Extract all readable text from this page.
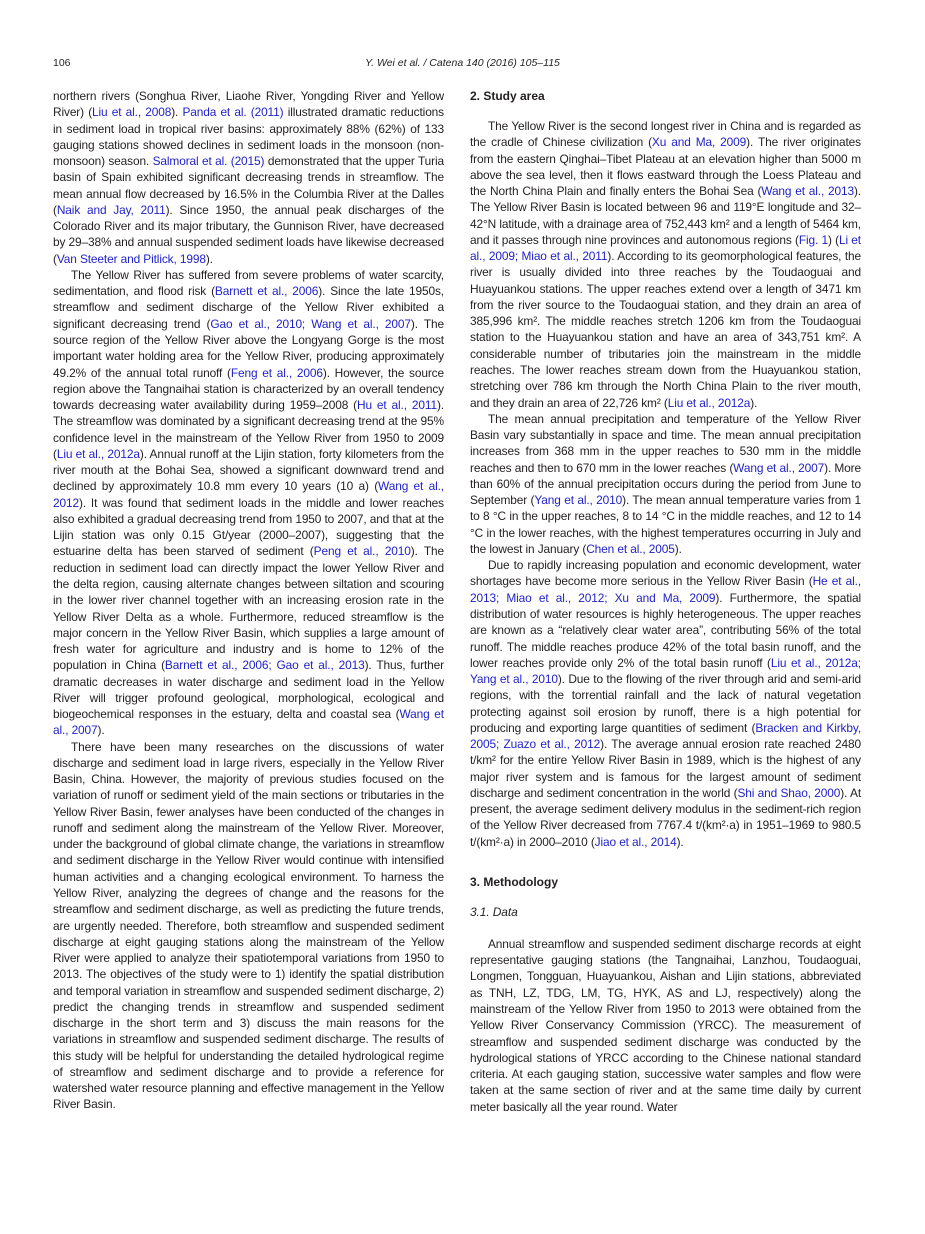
106	Y. Wei et al. / Catena 140 (2016) 105–115

northern rivers (Songhua River, Liaohe River, Yongding River and Yellow River) (Liu et al., 2008). Panda et al. (2011) illustrated dramatic reductions in sediment load in tropical river basins: approximately 88% (62%) of 133 gauging stations showed declines in sediment loads in the monsoon (non-monsoon) season. Salmoral et al. (2015) demonstrated that the upper Turia basin of Spain exhibited significant decreasing trends in streamflow. The mean annual flow decreased by 16.5% in the Columbia River at the Dalles (Naik and Jay, 2011). Since 1950, the annual peak discharges of the Colorado River and its major tributary, the Gunnison River, have decreased by 29–38% and annual suspended sediment loads have likewise decreased (Van Steeter and Pitlick, 1998).

The Yellow River has suffered from severe problems of water scarcity, sedimentation, and flood risk (Barnett et al., 2006). Since the late 1950s, streamflow and sediment discharge of the Yellow River exhibited a significant decreasing trend (Gao et al., 2010; Wang et al., 2007). The source region of the Yellow River above the Longyang Gorge is the most important water holding area for the Yellow River, producing approximately 49.2% of the annual total runoff (Feng et al., 2006). However, the source region above the Tangnaihai station is characterized by an overall tendency towards decreasing water availability during 1959–2008 (Hu et al., 2011). The streamflow was dominated by a significant decreasing trend at the 95% confidence level in the mainstream of the Yellow River from 1950 to 2009 (Liu et al., 2012a). Annual runoff at the Lijin station, forty kilometers from the river mouth at the Bohai Sea, showed a significant downward trend and declined by approximately 10.8 mm every 10 years (10 a) (Wang et al., 2012). It was found that sediment loads in the middle and lower reaches also exhibited a gradual decreasing trend from 1950 to 2007, and that at the Lijin station was only 0.15 Gt/year (2000–2007), suggesting that the estuarine delta has been starved of sediment (Peng et al., 2010). The reduction in sediment load can directly impact the lower Yellow River and the delta region, causing alternate changes between siltation and scouring in the lower river channel together with an increasing erosion rate in the Yellow River Delta as a whole. Furthermore, reduced streamflow is the major concern in the Yellow River Basin, which supplies a large amount of fresh water for agriculture and industry and is home to 12% of the population in China (Barnett et al., 2006; Gao et al., 2013). Thus, further dramatic decreases in water discharge and sediment load in the Yellow River will trigger profound geological, morphological, ecological and biogeochemical responses in the estuary, delta and coastal sea (Wang et al., 2007).

There have been many researches on the discussions of water discharge and sediment load in large rivers, especially in the Yellow River Basin, China. However, the majority of previous studies focused on the variation of runoff or sediment yield of the main sections or tributaries in the Yellow River Basin, fewer analyses have been conducted of the changes in runoff and sediment along the mainstream of the Yellow River. Moreover, under the background of global climate change, the variations in streamflow and sediment discharge in the Yellow River would continue with intensified human activities and a changing ecological environment. To harness the Yellow River, analyzing the degrees of change and the reasons for the streamflow and sediment discharge, as well as predicting the future trends, are urgently needed. Therefore, both streamflow and suspended sediment discharge at eight gauging stations along the mainstream of the Yellow River were applied to analyze their spatiotemporal variations from 1950 to 2013. The objectives of the study were to 1) identify the spatial distribution and temporal variation in streamflow and suspended sediment discharge, 2) predict the changing trends in streamflow and suspended sediment discharge in the short term and 3) discuss the main reasons for the variations in streamflow and suspended sediment discharge. The results of this study will be helpful for understanding the detailed hydrological regime of streamflow and sediment discharge and to provide a reference for watershed water resource planning and effective management in the Yellow River Basin.

2. Study area

The Yellow River is the second longest river in China and is regarded as the cradle of Chinese civilization (Xu and Ma, 2009). The river originates from the eastern Qinghai–Tibet Plateau at an elevation higher than 5000 m above the sea level, then it flows eastward through the Loess Plateau and the North China Plain and finally enters the Bohai Sea (Wang et al., 2013). The Yellow River Basin is located between 96 and 119°E longitude and 32–42°N latitude, with a drainage area of 752,443 km² and a length of 5464 km, and it passes through nine provinces and autonomous regions (Fig. 1) (Li et al., 2009; Miao et al., 2011). According to its geomorphological features, the river is usually divided into three reaches by the Toudaoguai and Huayuankou stations. The upper reaches extend over a length of 3471 km from the river source to the Toudaoguai station, and they drain an area of 385,996 km². The middle reaches stretch 1206 km from the Toudaoguai station to the Huayuankou station and have an area of 343,751 km². A considerable number of tributaries join the mainstream in the middle reaches. The lower reaches stream down from the Huayuankou station, stretching over 786 km through the North China Plain to the river mouth, and they drain an area of 22,726 km² (Liu et al., 2012a).

The mean annual precipitation and temperature of the Yellow River Basin vary substantially in space and time. The mean annual precipitation increases from 368 mm in the upper reaches to 530 mm in the middle reaches and then to 670 mm in the lower reaches (Wang et al., 2007). More than 60% of the annual precipitation occurs during the period from June to September (Yang et al., 2010). The mean annual temperature varies from 1 to 8 °C in the upper reaches, 8 to 14 °C in the middle reaches, and 12 to 14 °C in the lower reaches, with the highest temperatures occurring in July and the lowest in January (Chen et al., 2005).

Due to rapidly increasing population and economic development, water shortages have become more serious in the Yellow River Basin (He et al., 2013; Miao et al., 2012; Xu and Ma, 2009). Furthermore, the spatial distribution of water resources is highly heterogeneous. The upper reaches are known as a “relatively clear water area”, contributing 56% of the total runoff. The middle reaches produce 42% of the total basin runoff, and the lower reaches provide only 2% of the total basin runoff (Liu et al., 2012a; Yang et al., 2010). Due to the flowing of the river through arid and semi-arid regions, with the torrential rainfall and the lack of natural vegetation protecting against soil erosion by runoff, there is a high potential for producing and exporting large quantities of sediment (Bracken and Kirkby, 2005; Zuazo et al., 2012). The average annual erosion rate reached 2480 t/km² for the entire Yellow River Basin in 1989, which is the highest of any major river system and is famous for the largest amount of sediment discharge and sediment concentration in the world (Shi and Shao, 2000). At present, the average sediment delivery modulus in the sediment-rich region of the Yellow River decreased from 7767.4 t/(km²·a) in 1951–1969 to 980.5 t/(km²·a) in 2000–2010 (Jiao et al., 2014).

3. Methodology
3.1. Data

Annual streamflow and suspended sediment discharge records at eight representative gauging stations (the Tangnaihai, Lanzhou, Toudaoguai, Longmen, Tongguan, Huayuankou, Aishan and Lijin stations, abbreviated as TNH, LZ, TDG, LM, TG, HYK, AS and LJ, respectively) along the mainstream of the Yellow River from 1950 to 2013 were obtained from the Yellow River Conservancy Commission (YRCC). The measurement of streamflow and suspended sediment discharge was conducted by the hydrological stations of YRCC according to the Chinese national standard criteria. At each gauging station, successive water samples and flow were taken at the same section of river and at the same time daily by current meter basically all the year round. Water
